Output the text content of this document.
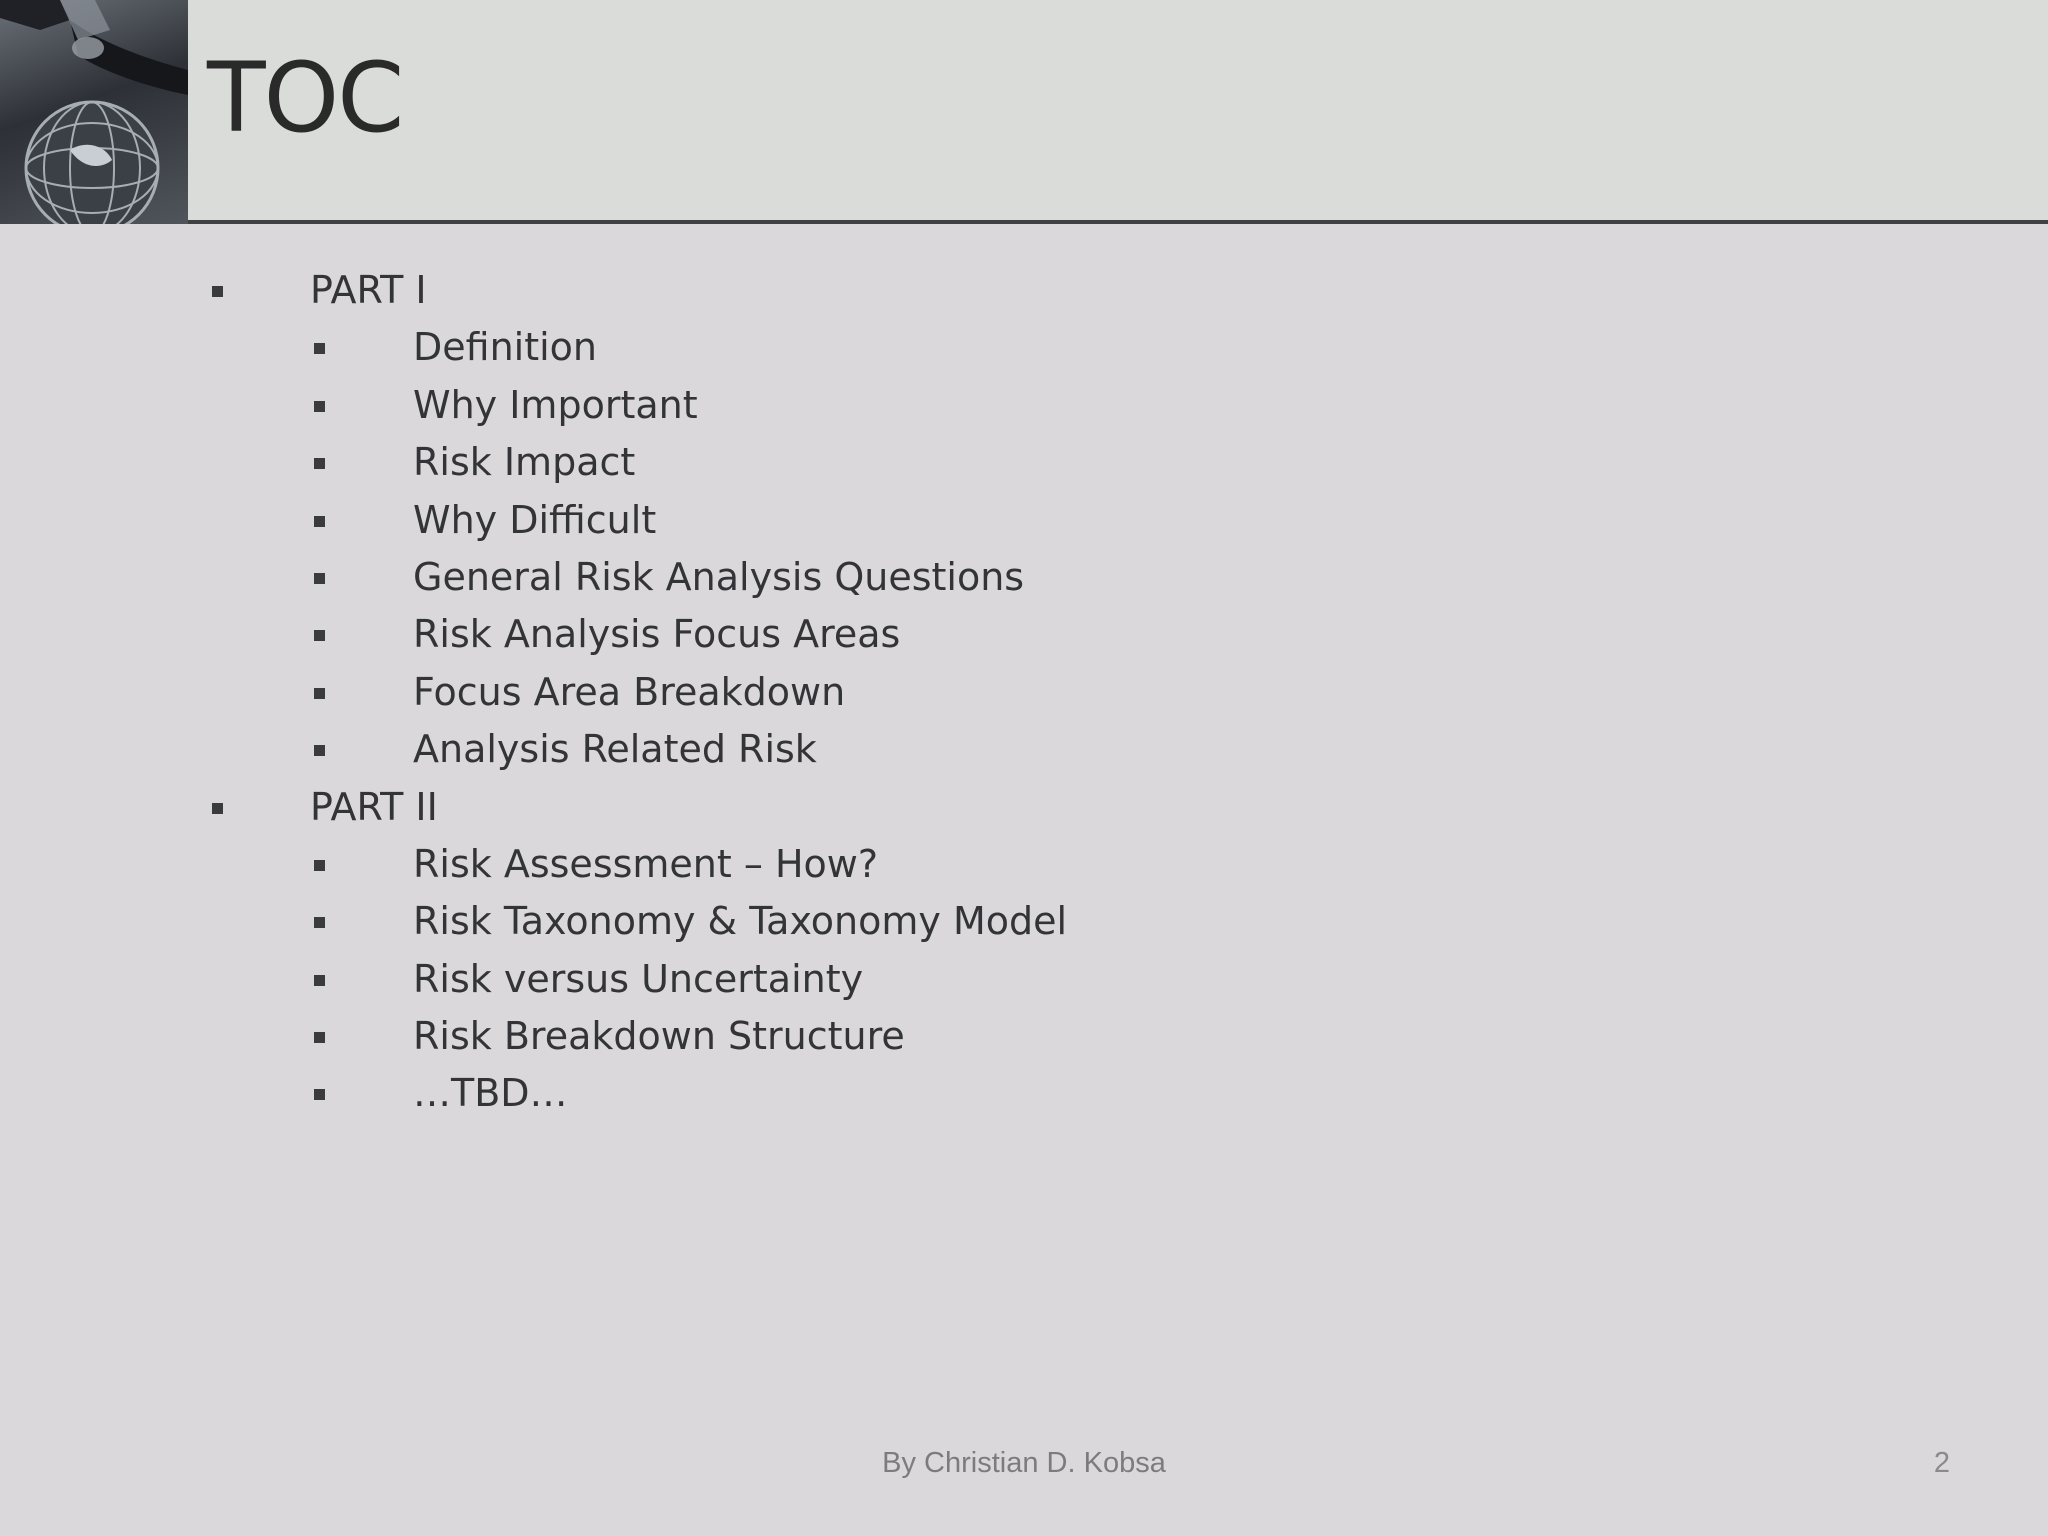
TOC
PART I
Definition
Why Important
Risk Impact
Why Difficult
General Risk Analysis Questions
Risk Analysis Focus Areas
Focus Area Breakdown
Analysis Related Risk
PART II
Risk Assessment – How?
Risk Taxonomy & Taxonomy Model
Risk versus Uncertainty
Risk Breakdown Structure
…TBD…
By Christian D. Kobsa	2
